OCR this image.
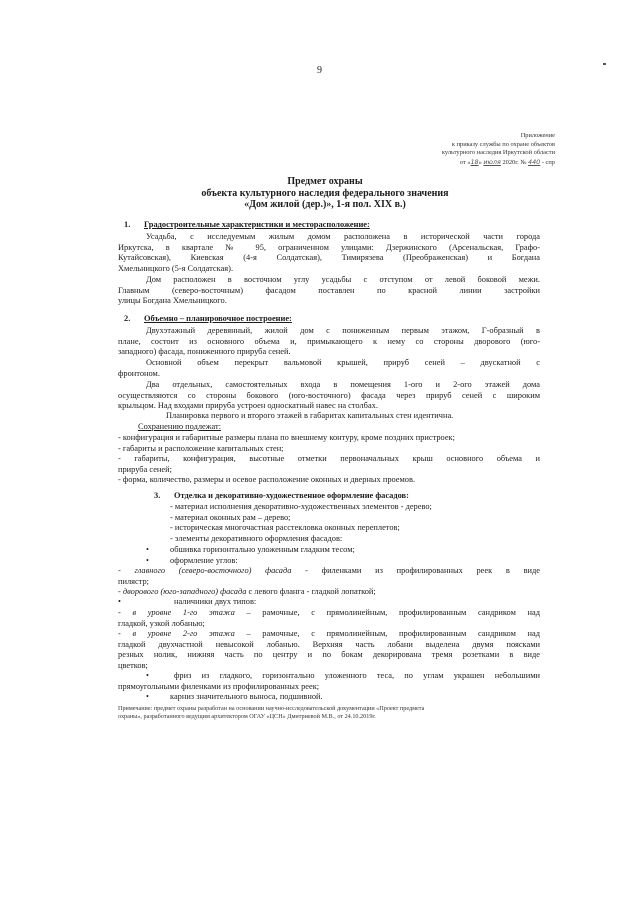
9
Приложение
к приказу службы по охране объектов
культурного наследия Иркутской области
от «18» июля 2020г. № 440 - спр
Предмет охраны
объекта культурного наследия федерального значения
«Дом жилой (дер.)», 1-я пол. XIX в.)
1. Градостроительные характеристики и месторасположение:
Усадьба, с исследуемым жилым домом расположена в исторической части города
Иркутска, в квартале № 95, ограниченном улицами: Дзержинского (Арсенальская, Графо-
Кутайсовская), Киевская (4-я Солдатская), Тимирязева (Преображенская) и Богдана
Хмельницкого (5-я Солдатская).
Дом расположен в восточном углу усадьбы с отступом от левой боковой межи.
Главным (северо-восточным) фасадом поставлен по красной линии застройки
улицы Богдана Хмельницкого.
2. Объемно – планировочное построение:
Двухэтажный деревянный, жилой дом с пониженным первым этажом, Г-образный в
плане, состоит из основного объема и, примыкающего к нему со стороны дворового (юго-
западного) фасада, пониженного прируба сеней.
Основной объем перекрыт вальмовой крышей, прируб сеней – двускатной с
фронтоном.
Два отдельных, самостоятельных входа в помещения 1-ого и 2-ого этажей дома
осуществляются со стороны бокового (юго-восточного) фасада через прируб сеней с широким
крыльцом. Над входами прируба устроен односкатный навес на столбах.
Планировка первого и второго этажей в габаритах капитальных стен идентична.
Сохранению подлежат:
- конфигурация и габаритные размеры плана по внешнему контуру, кроме поздних пристроек;
- габариты и расположение капитальных стен;
- габариты, конфигурация, высотные отметки первоначальных крыш основного объема и
прируба сеней;
- форма, количество, размеры и осевое расположение оконных и дверных проемов.
3. Отделка и декоративно-художественное оформление фасадов:
- материал исполнения декоративно-художественных элементов - дерево;
- материал оконных рам – дерево;
- историческая многочастная расстекловка оконных переплетов;
- элементы декоративного оформления фасадов:
•	обшивка горизонтально уложенным гладким тесом;
•	оформление углов:
- главного (северо-восточного) фасада - филенками из профилированных реек в виде
пилястр;
- дворового (юго-западного) фасада с левого фланга - гладкой лопаткой;
•	наличники двух типов:
- в уровне 1-го этажа – рамочные, с прямолинейным, профилированным сандриком над
гладкой, узкой лобанью;
- в уровне 2-го этажа – рамочные, с прямолинейным, профилированным сандриком над
гладкой двухчастной невысокой лобанью. Верхняя часть лобани выделена двумя поясками
резных нолик, нижняя часть по центру и по бокам декорирована тремя розетками в виде
цветков;
•	фриз из гладкого, горизонтально уложенного теса, по углам украшен небольшими
прямоугольными филенками из профилированных реек;
•	карниз значительного выноса, подшивной.
Примечание: предмет охраны разработан на основании научно-исследовательской документации «Проект предмета
охраны», разработанного ведущим архитектором ОГАУ «ЦСН» Дмитриевой М.В., от 24.10.2019г.
